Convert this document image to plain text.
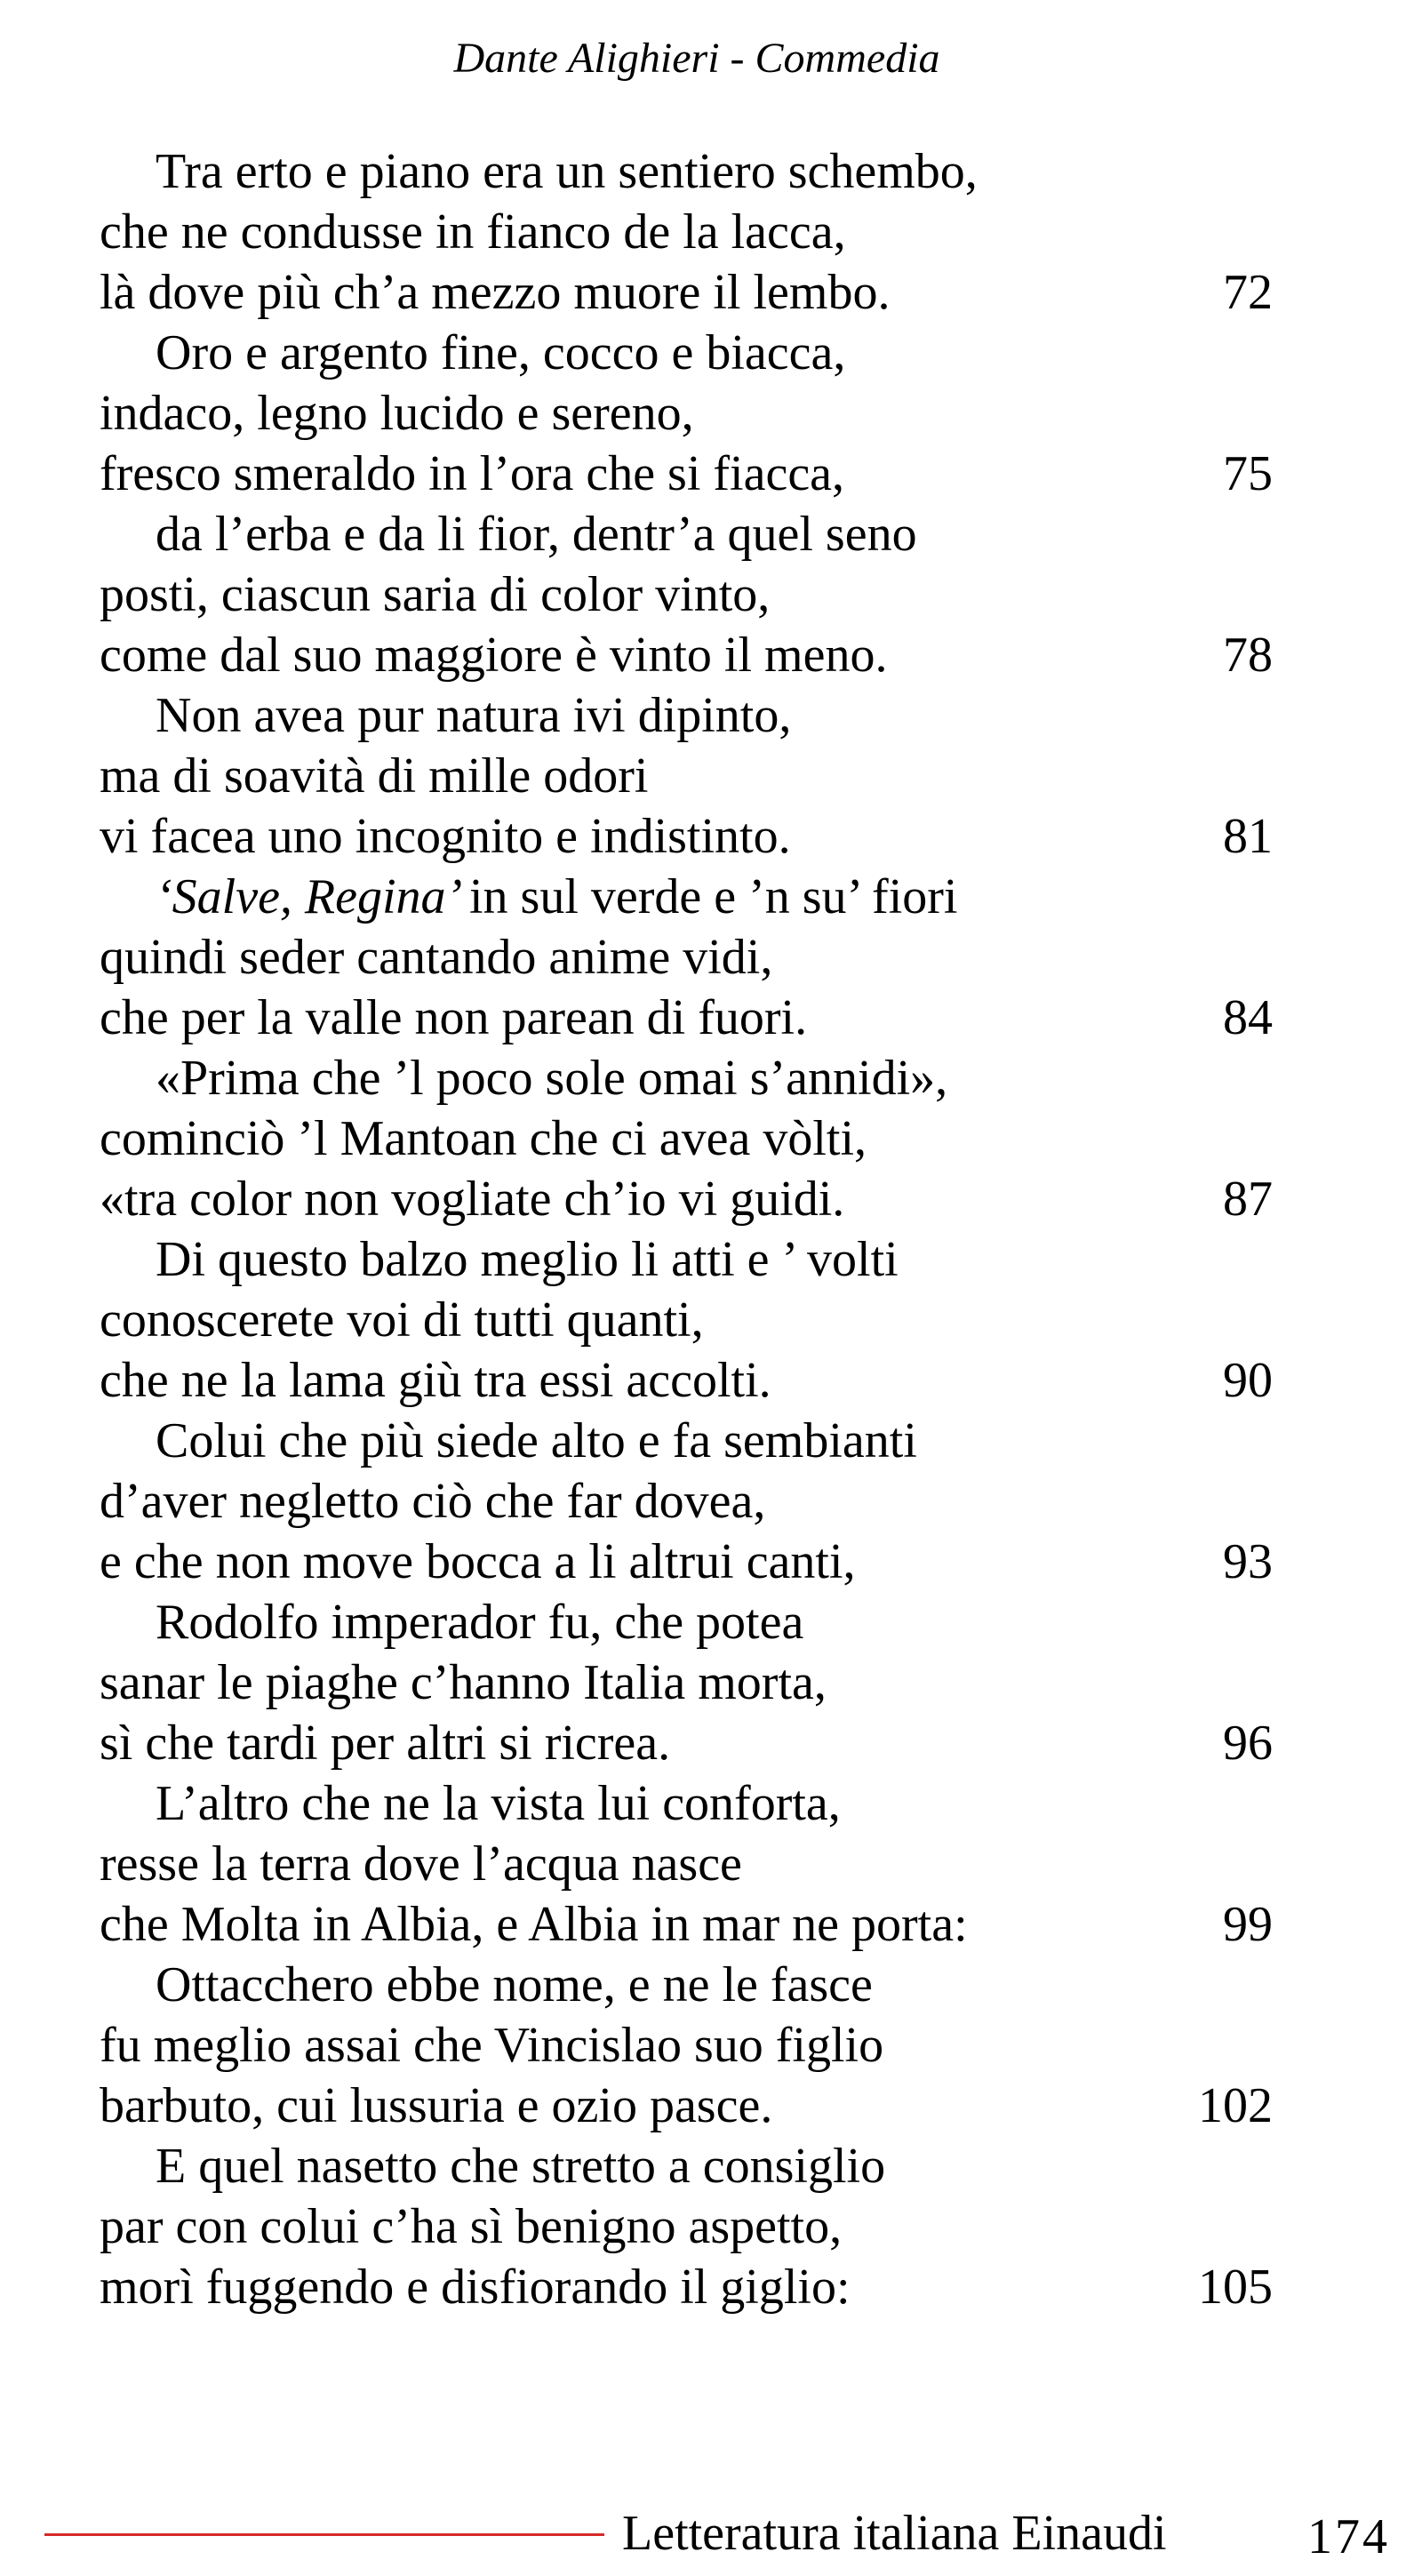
Dante Alighieri - Commedia
Tra erto e piano era un sentiero schembo,
che ne condusse in fianco de la lacca,
là dove più ch’a mezzo muore il lembo.	72
Oro e argento fine, cocco e biacca,
indaco, legno lucido e sereno,
fresco smeraldo in l’ora che si fiacca,	75
da l’erba e da li fior, dentr’a quel seno
posti, ciascun saria di color vinto,
come dal suo maggiore è vinto il meno.	78
Non avea pur natura ivi dipinto,
ma di soavità di mille odori
vi facea uno incognito e indistinto.	81
‘Salve, Regina’ in sul verde e ’n su’ fiori
quindi seder cantando anime vidi,
che per la valle non parean di fuori.	84
«Prima che ’l poco sole omai s’annidi»,
cominciò ’l Mantoan che ci avea vòlti,
«tra color non vogliate ch’io vi guidi.	87
Di questo balzo meglio li atti e ’ volti
conoscerete voi di tutti quanti,
che ne la lama giù tra essi accolti.	90
Colui che più siede alto e fa sembianti
d’aver negletto ciò che far dovea,
e che non move bocca a li altrui canti,	93
Rodolfo imperador fu, che potea
sanar le piaghe c’hanno Italia morta,
sì che tardi per altri si ricrea.	96
L’altro che ne la vista lui conforta,
resse la terra dove l’acqua nasce
che Molta in Albia, e Albia in mar ne porta:	99
Ottacchero ebbe nome, e ne le fasce
fu meglio assai che Vincislao suo figlio
barbuto, cui lussuria e ozio pasce.	102
E quel nasetto che stretto a consiglio
par con colui c’ha sì benigno aspetto,
morì fuggendo e disfiorando il giglio:	105
Letteratura italiana Einaudi	174
